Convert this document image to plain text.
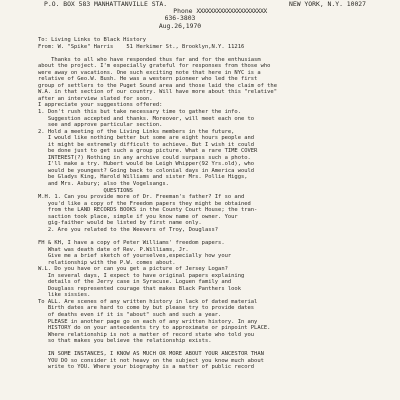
P.O. BOX 583 MANHATTANVILLE STA.	NEW YORK, N.Y. 10027
Phone XXXXXXXXXXXXXXXXXXXXX
636-3803
Aug.26,1970
To: Living Links to Black History
From: W. "Spike" Harris    51 Herkimer St., Brooklyn,N.Y. 11216
Thanks to all who have responded thus far and for the enthusiasm
about the project. I'm especially grateful for responses from those who
were away on vacations. One such exciting note that here in NYC is a
relative of Geo.W. Bush. He was a western pioneer who led the first
group of settlers to the Puget Sound area and those laid the claim of the
W.A. in that section of our country. Will have more about this "relative"
after an interview slated for soon.
I appreciate your suggestions offered:
1. Don't rush this but take necessary time to gather the info.
Suggestion accepted and thanks. Moreover, will meet each one to
see and approve particular section.
2. Hold a meeting of the Living Links members in the future,
I would like nothing better but some are eight hours people and
it might be extremely difficult to achieve. But I wish it could
be done just to get such a group picture. What a rare TIME COVER
INTEREST(?) Nothing in any archive could surpass such a photo.
I'll make a try. Hubert would be Leigh Whipper(92 Yrs.old), who
would be youngest? Going back to colonial days in America would
be Gladys King, Harold Williams and sister Mrs. Pollie Higgs,
and Mrs. Asbury; also the Vogelsangs.
QUESTIONS
M.H. 1. Can you provide more of Dr. Freeman's father? If so and
you'd like a copy of the Freedom papers they might be obtained
from the LAND RECORDS BOOKS in the County Court House; the tran-
saction took place, simple if you know name of owner. Your
gig-faither would be listed by first name only.
2. Are you related to the Weevers of Troy, Douglass?
FH & KH, I have a copy of Peter Williams' freedom papers.
What was death date of Rev. P.Williams, Jr.
Give me a brief sketch of yourselves,especially how your
relationship with the P.W. comes about.
W.L. Do you have or can you get a picture of Jersey Logan?
In several days, I expect to have original papers explaining
details of the Jerry case in Syracuse. Loguen family and
Douglass represented courage that makes Black Panthers look
like sissies.
To ALL. Are scenes of any written history in lack of dated material
Birth dates are hard to come by but please try to provide dates
of deaths even if it is "about" such and such a year.
PLEASE in another page go on each of any written history. In any
HISTORY do on your antecedents try to approximate or pinpoint PLACE.
Where relationship is not a matter of record state who told you
so that makes you believe the relationship exists.
IN SOME INSTANCES, I KNOW AS MUCH OR MORE ABOUT YOUR ANCESTOR THAN
YOU DO so consider it not heavy on the subject you know much about
write to YOU. Where your biography is a matter of public record
